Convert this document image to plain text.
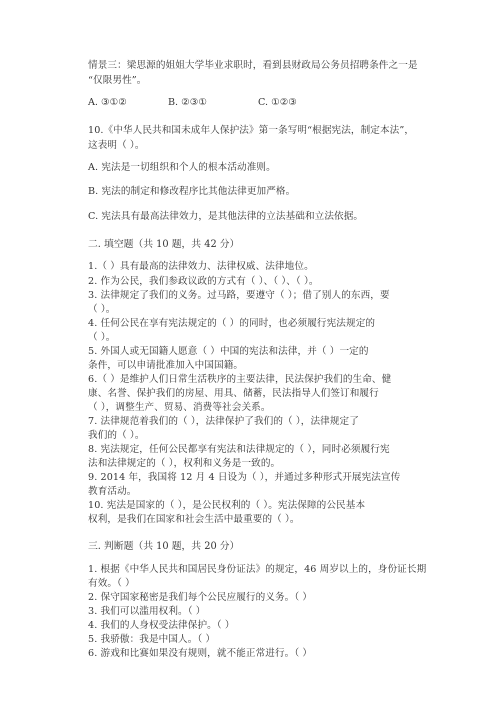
情景三：梁思源的姐姐大学毕业求职时，看到县财政局公务员招聘条件之一是
“仅限男性”。
A. ③①②	B. ②③①	C. ①②③
10.《中华人民共和国未成年人保护法》第一条写明“根据宪法，制定本法”，
这表明（ ）。
A. 宪法是一切组织和个人的根本活动准则。
B. 宪法的制定和修改程序比其他法律更加严格。
C. 宪法具有最高法律效力，是其他法律的立法基础和立法依据。
二. 填空题（共 10 题，共 42 分）
1.（ ）具有最高的法律效力、法律权威、法律地位。
2. 作为公民，我们参政议政的方式有（ ）、（ ）、（ ）。
3. 法律规定了我们的义务。过马路，要遵守（ ）；借了别人的东西，要
（ ）。
4. 任何公民在享有宪法规定的（ ）的同时，也必须履行宪法规定的
（ ）。
5. 外国人或无国籍人愿意（ ）中国的宪法和法律，并（ ）一定的
条件，可以申请批准加入中国国籍。
6.（ ）是维护人们日常生活秩序的主要法律，民法保护我们的生命、健
康、名誉、保护我们的房屋、用具、储蓄，民法指导人们签订和履行
（ ），调整生产、贸易、消费等社会关系。
7. 法律规范着我们的（ ），法律保护了我们的（ ），法律规定了
我们的（ ）。
8. 宪法规定，任何公民都享有宪法和法律规定的（ ），同时必须履行宪
法和法律规定的（ ），权利和义务是一致的。
9. 2014 年，我国将 12 月 4 日设为（ ），并通过多种形式开展宪法宣传
教育活动。
10. 宪法是国家的（ ），是公民权利的（ ）。宪法保障的公民基本
权利，是我们在国家和社会生活中最重要的（ ）。
三. 判断题（共 10 题，共 20 分）
1. 根据《中华人民共和国居民身份证法》的规定，46 周岁以上的，身份证长期
有效。（ ）
2. 保守国家秘密是我们每个公民应履行的义务。（ ）
3. 我们可以滥用权利。（ ）
4. 我们的人身权受法律保护。（ ）
5. 我骄傲：我是中国人。（ ）
6. 游戏和比赛如果没有规则，就不能正常进行。（ ）
